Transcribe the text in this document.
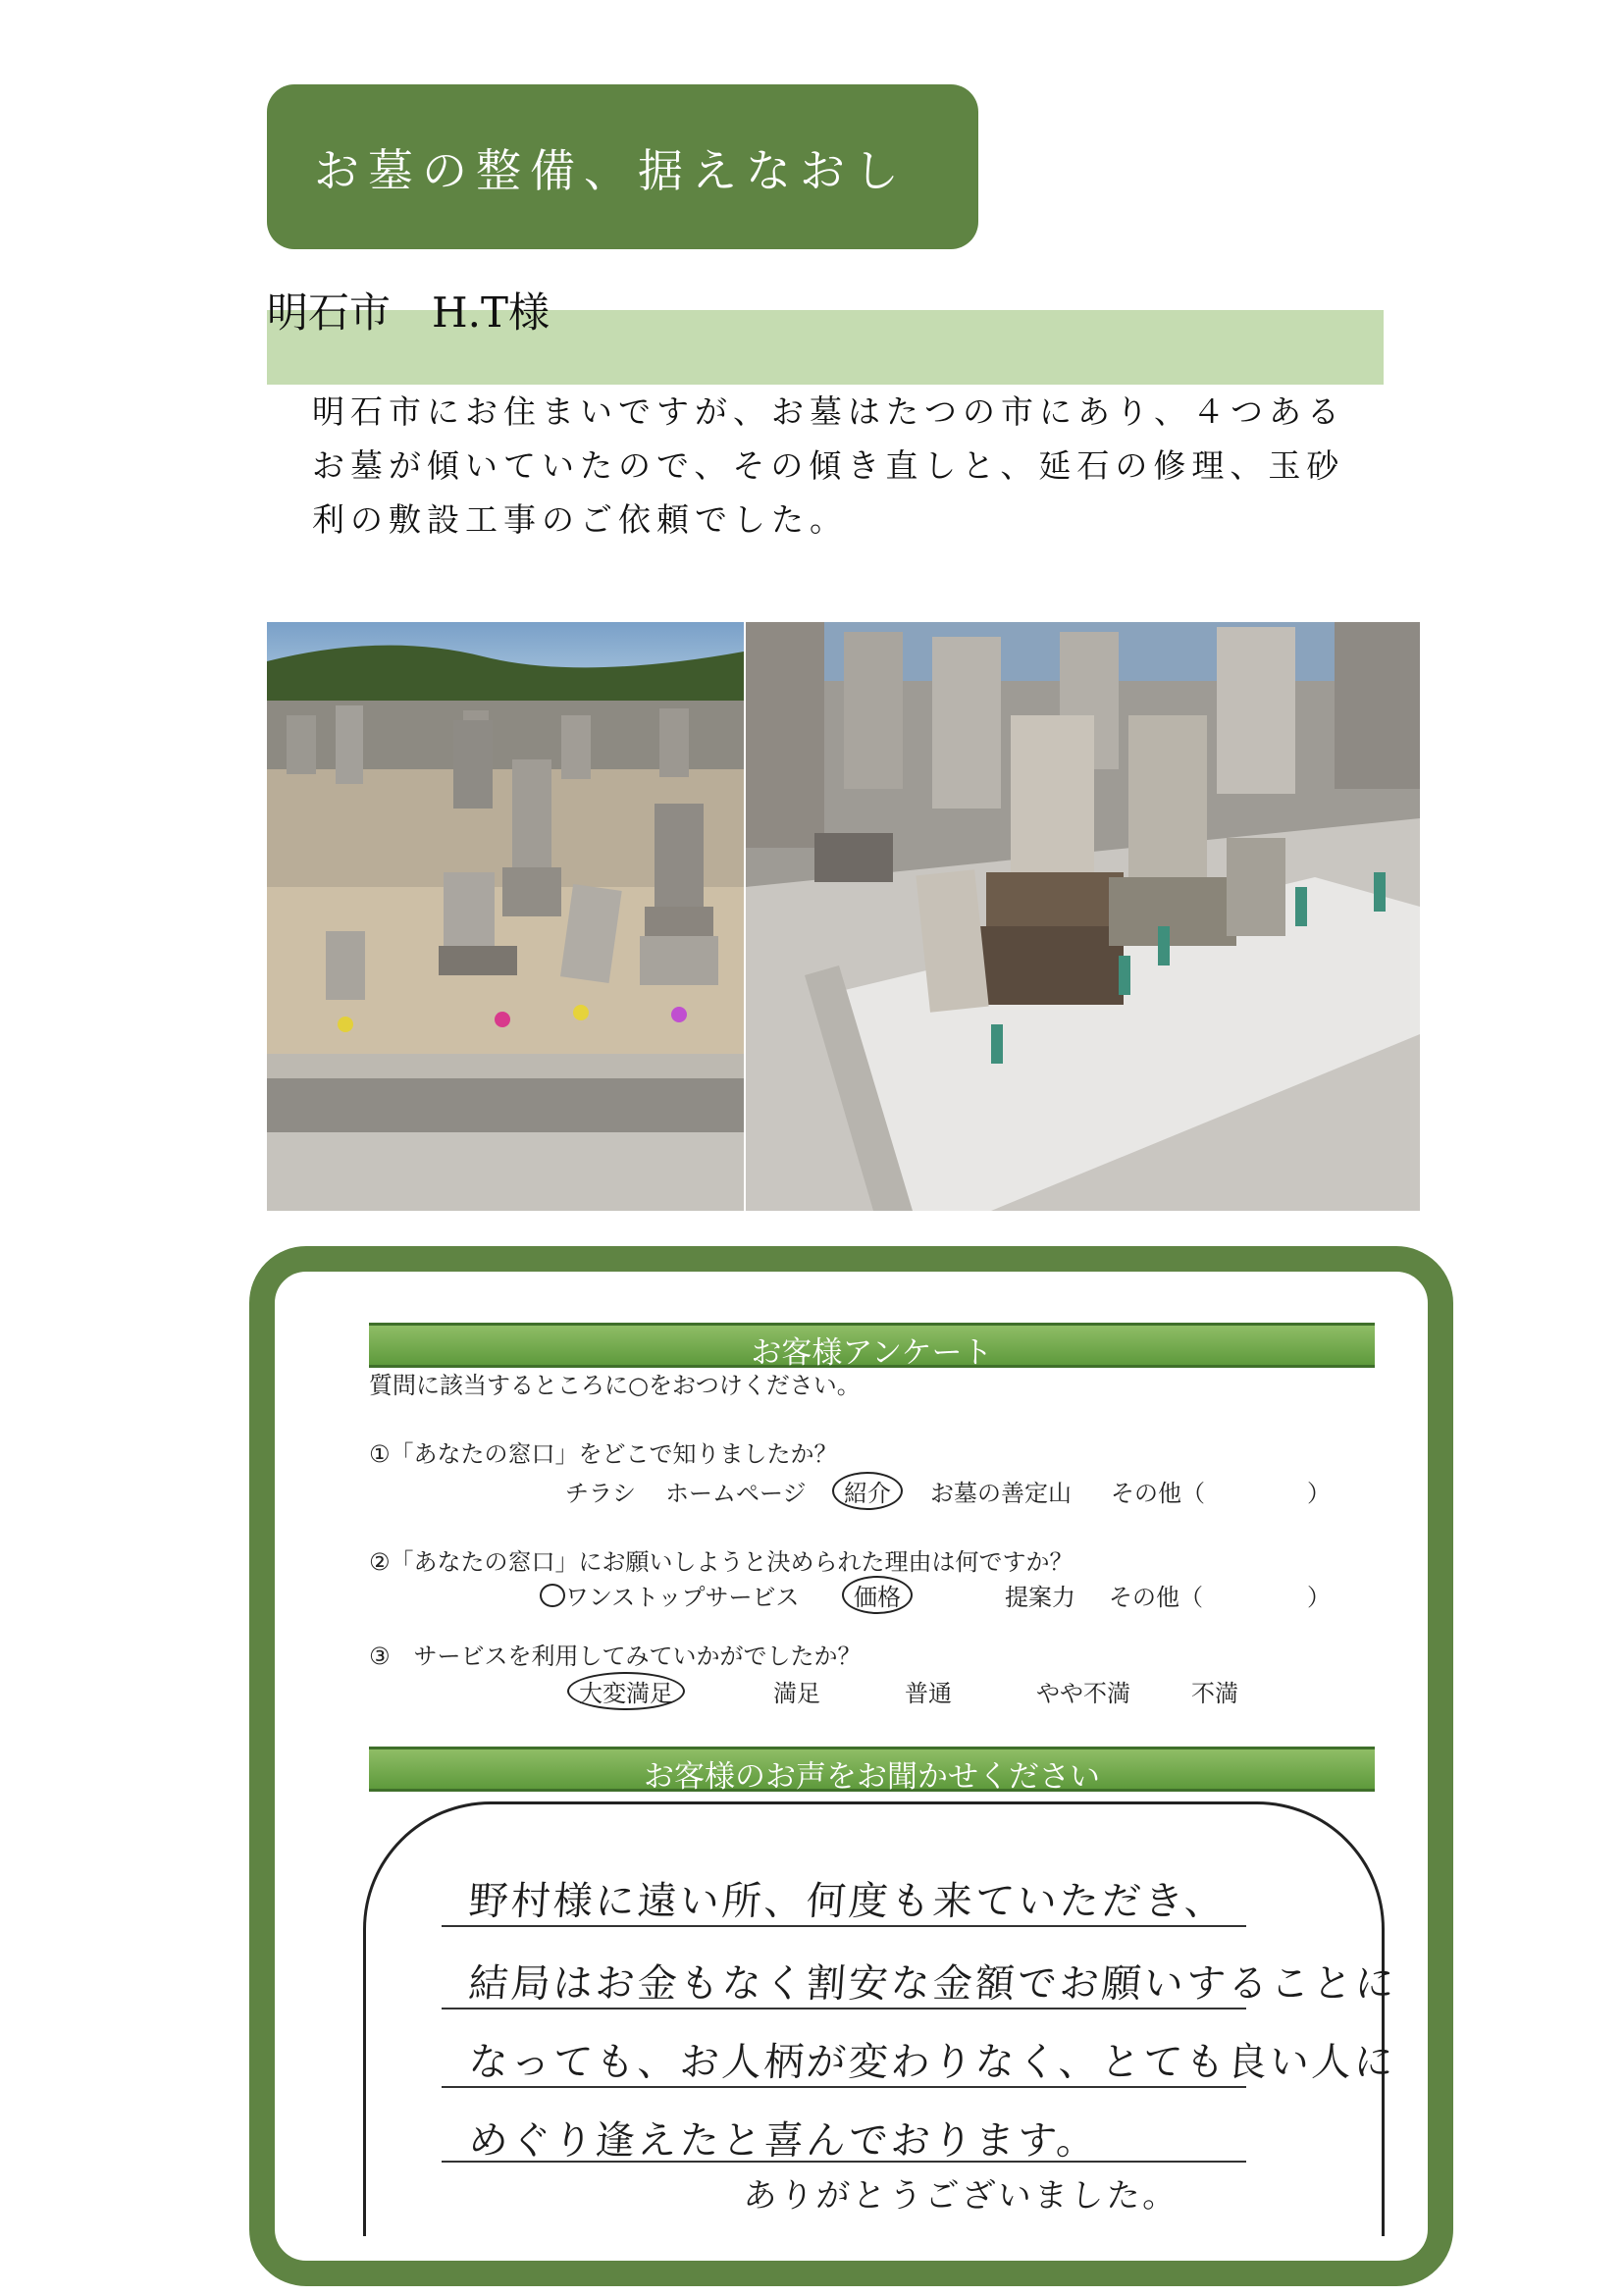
お墓の整備、据えなおし
明石市　H.T様
明石市にお住まいですが、お墓はたつの市にあり、４つある
お墓が傾いていたので、その傾き直しと、延石の修理、玉砂
利の敷設工事のご依頼でした。
お客様アンケート
質問に該当するところに○をおつけください。
①「あなたの窓口」をどこで知りましたか？
チラシ ホームページ	紹介	お墓の善定山 その他（	）
②「あなたの窓口」にお願いしようと決められた理由は何ですか？
ワンストップサービス	価格	提案力 その他（	）
③　サービスを利用してみていかがでしたか？
大変満足	満足	普通	やや不満	不満
お客様のお声をお聞かせください
野村様に遠い所、何度も来ていただき、
結局はお金もなく割安な金額でお願いすることに
なっても、お人柄が変わりなく、とても良い人に
めぐり逢えたと喜んでおります。
ありがとうございました。
